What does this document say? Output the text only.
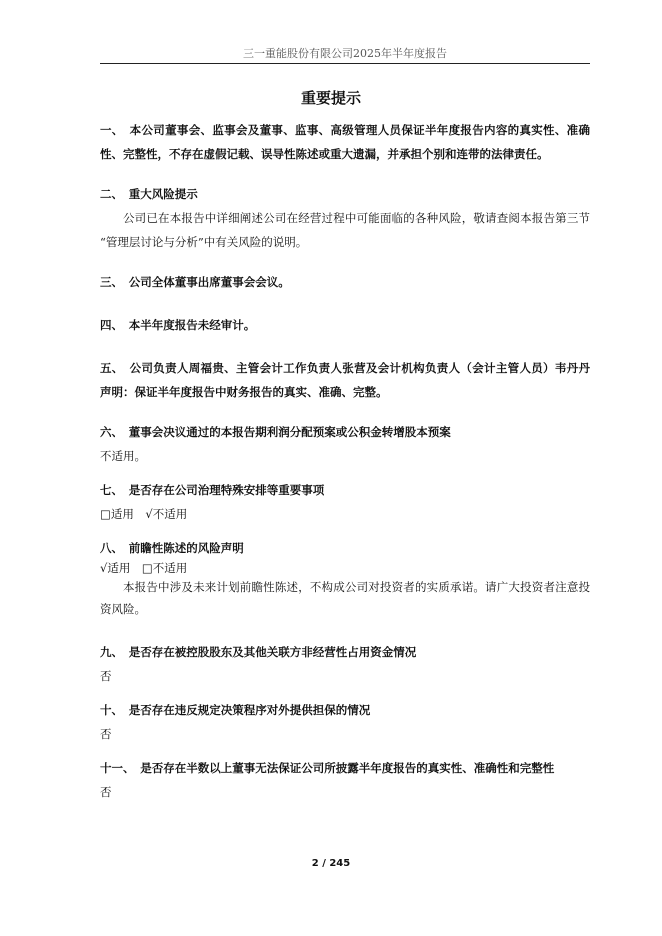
三一重能股份有限公司2025年半年度报告
重要提示
一、　本公司董事会、监事会及董事、监事、高级管理人员保证半年度报告内容的真实性、准确
性、完整性，不存在虚假记载、误导性陈述或重大遗漏，并承担个别和连带的法律责任。
二、　重大风险提示
公司已在本报告中详细阐述公司在经营过程中可能面临的各种风险，敬请查阅本报告第三节
“管理层讨论与分析”中有关风险的说明。
三、　公司全体董事出席董事会会议。
四、　本半年度报告未经审计。
五、　公司负责人周福贵、主管会计工作负责人张营及会计机构负责人（会计主管人员）韦丹丹
声明：保证半年度报告中财务报告的真实、准确、完整。
六、　董事会决议通过的本报告期利润分配预案或公积金转增股本预案
不适用。
七、　是否存在公司治理特殊安排等重要事项
□适用　√不适用
八、　前瞻性陈述的风险声明
√适用　□不适用
本报告中涉及未来计划前瞻性陈述，不构成公司对投资者的实质承诺。请广大投资者注意投
资风险。
九、　是否存在被控股股东及其他关联方非经营性占用资金情况
否
十、　是否存在违反规定决策程序对外提供担保的情况
否
十一、　是否存在半数以上董事无法保证公司所披露半年度报告的真实性、准确性和完整性
否
2 / 245
